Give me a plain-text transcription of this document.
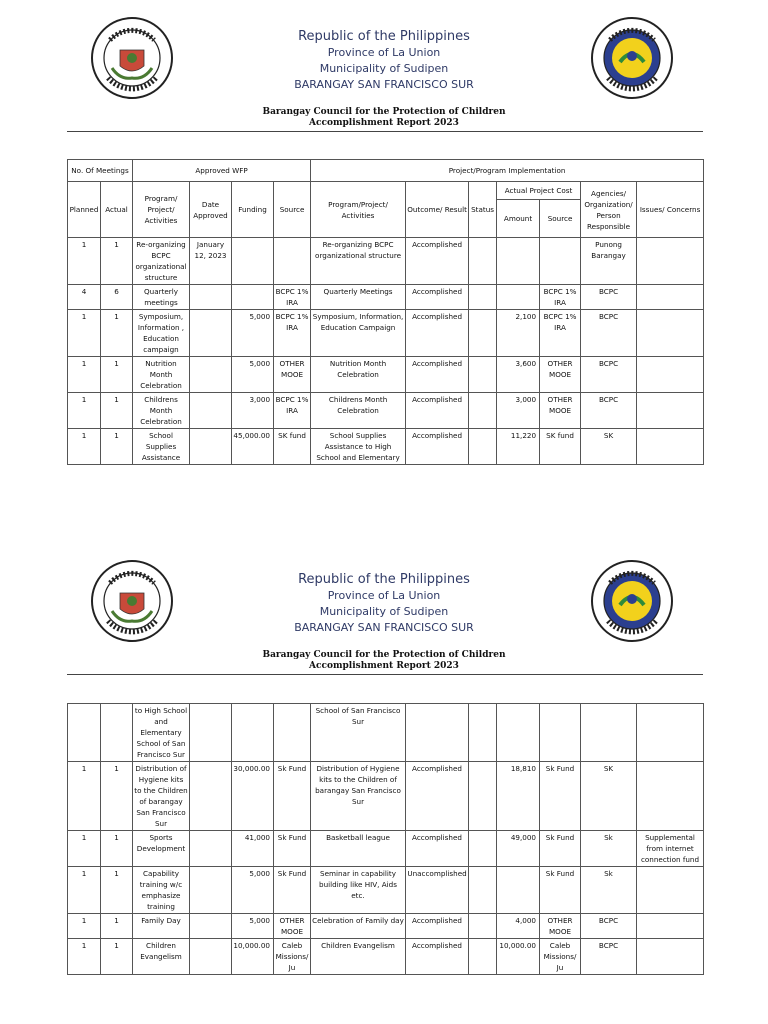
Republic of the Philippines
Province of La Union
Municipality of Sudipen
BARANGAY SAN FRANCISCO SUR
Barangay Council for the Protection of Children
Accomplishment Report 2023
No. Of Meetings		Approved WFP				Project/Program Implementation						
Planned	Actual	Program/ Project/ Activities	Date Approved	Funding	Source	Program/Project/ Activities	Outcome/ Result	Status	Actual Project Cost		Agencies/ Organization/ Person Responsible	Issues/ Concerns
									Amount	Source		
1	1	Re-organizing BCPC organizational structure	January 12, 2023			Re-organizing BCPC organizational structure	Accomplished				Punong Barangay	
4	6	Quarterly meetings			BCPC 1% IRA	Quarterly Meetings	Accomplished			BCPC 1% IRA	BCPC	
1	1	Symposium, Information , Education campaign		5,000	BCPC 1% IRA	Symposium, Information, Education Campaign	Accomplished		2,100	BCPC 1% IRA	BCPC	
1	1	Nutrition Month Celebration		5,000	OTHER MOOE	Nutrition Month Celebration	Accomplished		3,600	OTHER MOOE	BCPC	
1	1	Childrens Month Celebration		3,000	BCPC 1% IRA	Childrens Month Celebration	Accomplished		3,000	OTHER MOOE	BCPC	
1	1	School Supplies Assistance		45,000.00	SK fund	School Supplies Assistance to High School and Elementary	Accomplished		11,220	SK fund	SK	
Republic of the Philippines
Province of La Union
Municipality of Sudipen
BARANGAY SAN FRANCISCO SUR
Barangay Council for the Protection of Children
Accomplishment Report 2023
		to High School and Elementary School of San Francisco Sur				School of San Francisco Sur						
1	1	Distribution of Hygiene kits to the Children of barangay San Francisco Sur		30,000.00	Sk Fund	Distribution of Hygiene kits to the Children of barangay San Francisco Sur	Accomplished		18,810	Sk Fund	SK	
1	1	Sports Development		41,000	Sk Fund	Basketball league	Accomplished		49,000	Sk Fund	Sk	Supplemental from internet connection fund
1	1	Capability training w/c emphasize training		5,000	Sk Fund	Seminar in capability building like HIV, Aids etc.	Unaccomplished			Sk Fund	Sk	
1	1	Family Day		5,000	OTHER MOOE	Celebration of Family day	Accomplished		4,000	OTHER MOOE	BCPC	
1	1	Children Evangelism		10,000.00	Caleb Missions/ Ju	Children Evangelism	Accomplished		10,000.00	Caleb Missions/ Ju	BCPC	
